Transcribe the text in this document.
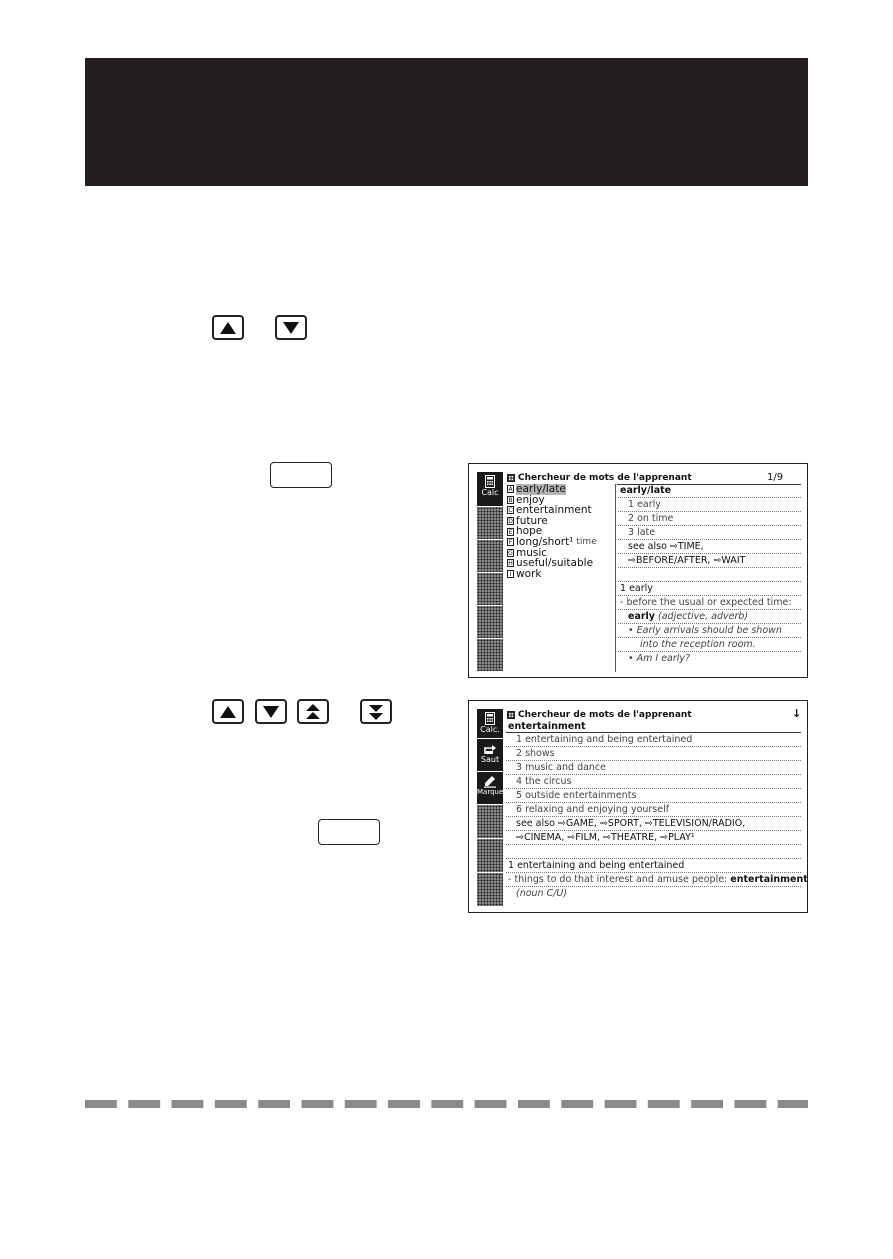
Calc
Chercheur de mots de l'apprenant	1/9
A early/late
B enjoy
C entertainment
D future
E hope
F long/short¹ time
G music
H useful/suitable
I work
early/late
1 early
2 on time
3 late
see also ⇨TIME,
⇨BEFORE/AFTER, ⇨WAIT
1 early
- before the usual or expected time:
early (adjective, adverb)
• Early arrivals should be shown
into the reception room.
• Am I early?
Calc.
Saut
Marquer
Chercheur de mots de l'apprenant	↓
entertainment
1 entertaining and being entertained
2 shows
3 music and dance
4 the circus
5 outside entertainments
6 relaxing and enjoying yourself
see also ⇨GAME, ⇨SPORT, ⇨TELEVISION/RADIO,
⇨CINEMA, ⇨FILM, ⇨THEATRE, ⇨PLAY¹
1 entertaining and being entertained
- things to do that interest and amuse people: entertainment
(noun C/U)
